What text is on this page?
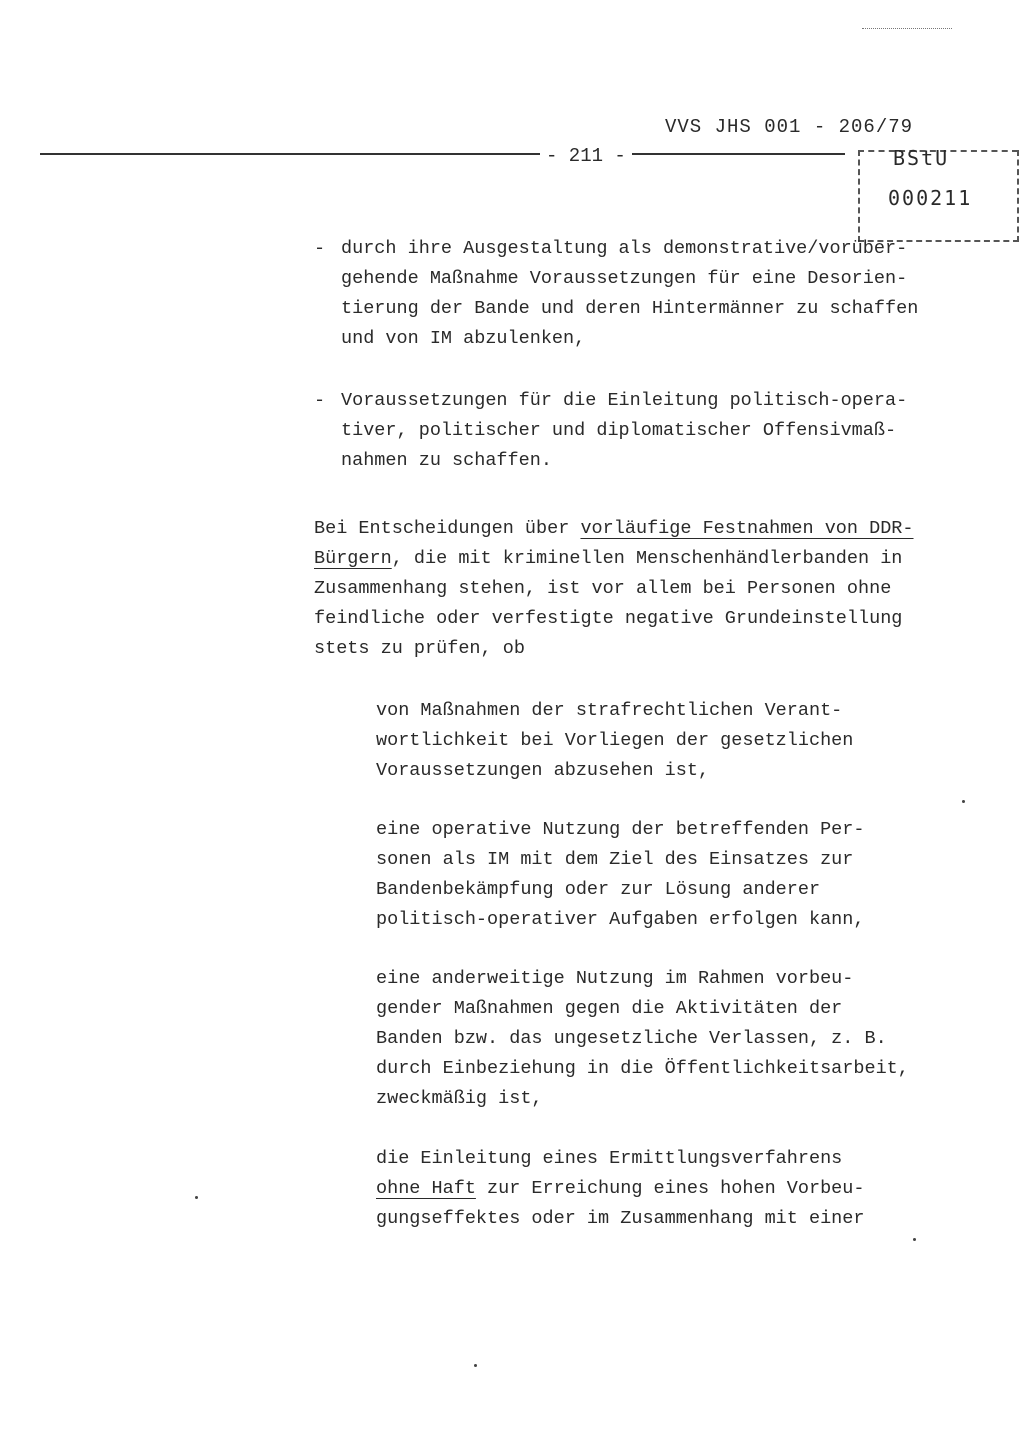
VVS JHS 001 - 206/79
- 211 -	BStU
000211
- durch ihre Ausgestaltung als demonstrative/vorüber-
gehende Maßnahme Voraussetzungen für eine Desorien-
tierung der Bande und deren Hintermänner zu schaffen
und von IM abzulenken,
- Voraussetzungen für die Einleitung politisch-opera-
tiver, politischer und diplomatischer Offensivmaß-
nahmen zu schaffen.
Bei Entscheidungen über vorläufige Festnahmen von DDR-
Bürgern, die mit kriminellen Menschenhändlerbanden in
Zusammenhang stehen, ist vor allem bei Personen ohne
feindliche oder verfestigte negative Grundeinstellung
stets zu prüfen, ob
von Maßnahmen der strafrechtlichen Verant-
wortlichkeit bei Vorliegen der gesetzlichen
Voraussetzungen abzusehen ist,
eine operative Nutzung der betreffenden Per-
sonen als IM mit dem Ziel des Einsatzes zur
Bandenbekämpfung oder zur Lösung anderer
politisch-operativer Aufgaben erfolgen kann,
eine anderweitige Nutzung im Rahmen vorbeu-
gender Maßnahmen gegen die Aktivitäten der
Banden bzw. das ungesetzliche Verlassen, z. B.
durch Einbeziehung in die Öffentlichkeitsarbeit,
zweckmäßig ist,
die Einleitung eines Ermittlungsverfahrens
ohne Haft zur Erreichung eines hohen Vorbeu-
gungseffektes oder im Zusammenhang mit einer
